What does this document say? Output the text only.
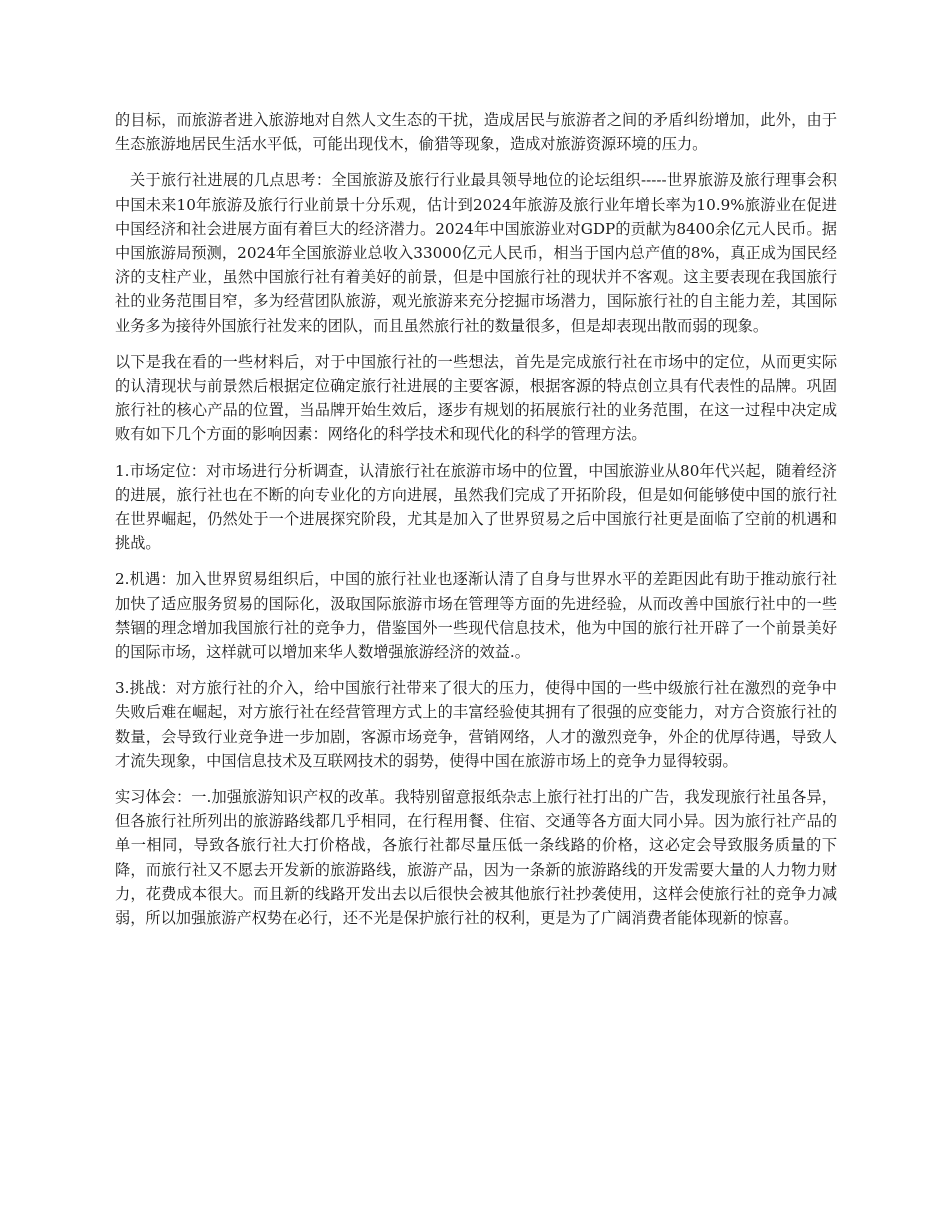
的目标，而旅游者进入旅游地对自然人文生态的干扰，造成居民与旅游者之间的矛盾纠纷增加，此外，由于生态旅游地居民生活水平低，可能出现伐木，偷猎等现象，造成对旅游资源环境的压力。

关于旅行社进展的几点思考：全国旅游及旅行行业最具领导地位的论坛组织-----世界旅游及旅行理事会积中国未来10年旅游及旅行行业前景十分乐观，估计到2024年旅游及旅行业年增长率为10.9%旅游业在促进中国经济和社会进展方面有着巨大的经济潜力。2024年中国旅游业对GDP的贡献为8400余亿元人民币。据中国旅游局预测，2024年全国旅游业总收入33000亿元人民币，相当于国内总产值的8%，真正成为国民经济的支柱产业，虽然中国旅行社有着美好的前景，但是中国旅行社的现状并不客观。这主要表现在我国旅行社的业务范围目窄，多为经营团队旅游，观光旅游来充分挖掘市场潜力，国际旅行社的自主能力差，其国际业务多为接待外国旅行社发来的团队，而且虽然旅行社的数量很多，但是却表现出散而弱的现象。

以下是我在看的一些材料后，对于中国旅行社的一些想法，首先是完成旅行社在市场中的定位，从而更实际的认清现状与前景然后根据定位确定旅行社进展的主要客源，根据客源的特点创立具有代表性的品牌。巩固旅行社的核心产品的位置，当品牌开始生效后，逐步有规划的拓展旅行社的业务范围，在这一过程中决定成败有如下几个方面的影响因素：网络化的科学技术和现代化的科学的管理方法。

1.市场定位：对市场进行分析调查，认清旅行社在旅游市场中的位置，中国旅游业从80年代兴起，随着经济的进展，旅行社也在不断的向专业化的方向进展，虽然我们完成了开拓阶段，但是如何能够使中国的旅行社在世界崛起，仍然处于一个进展探究阶段，尤其是加入了世界贸易之后中国旅行社更是面临了空前的机遇和挑战。

2.机遇：加入世界贸易组织后，中国的旅行社业也逐渐认清了自身与世界水平的差距因此有助于推动旅行社加快了适应服务贸易的国际化，汲取国际旅游市场在管理等方面的先进经验，从而改善中国旅行社中的一些禁锢的理念增加我国旅行社的竞争力，借鉴国外一些现代信息技术，他为中国的旅行社开辟了一个前景美好的国际市场，这样就可以增加来华人数增强旅游经济的效益.。

3.挑战：对方旅行社的介入，给中国旅行社带来了很大的压力，使得中国的一些中级旅行社在激烈的竞争中失败后难在崛起，对方旅行社在经营管理方式上的丰富经验使其拥有了很强的应变能力，对方合资旅行社的数量，会导致行业竞争进一步加剧，客源市场竞争，营销网络，人才的激烈竞争，外企的优厚待遇，导致人才流失现象，中国信息技术及互联网技术的弱势，使得中国在旅游市场上的竞争力显得较弱。

实习体会：一.加强旅游知识产权的改革。我特别留意报纸杂志上旅行社打出的广告，我发现旅行社虽各异，但各旅行社所列出的旅游路线都几乎相同，在行程用餐、住宿、交通等各方面大同小异。因为旅行社产品的单一相同，导致各旅行社大打价格战，各旅行社都尽量压低一条线路的价格，这必定会导致服务质量的下降，而旅行社又不愿去开发新的旅游路线，旅游产品，因为一条新的旅游路线的开发需要大量的人力物力财力，花费成本很大。而且新的线路开发出去以后很快会被其他旅行社抄袭使用，这样会使旅行社的竞争力减弱，所以加强旅游产权势在必行，还不光是保护旅行社的权利，更是为了广阔消费者能体现新的惊喜。
